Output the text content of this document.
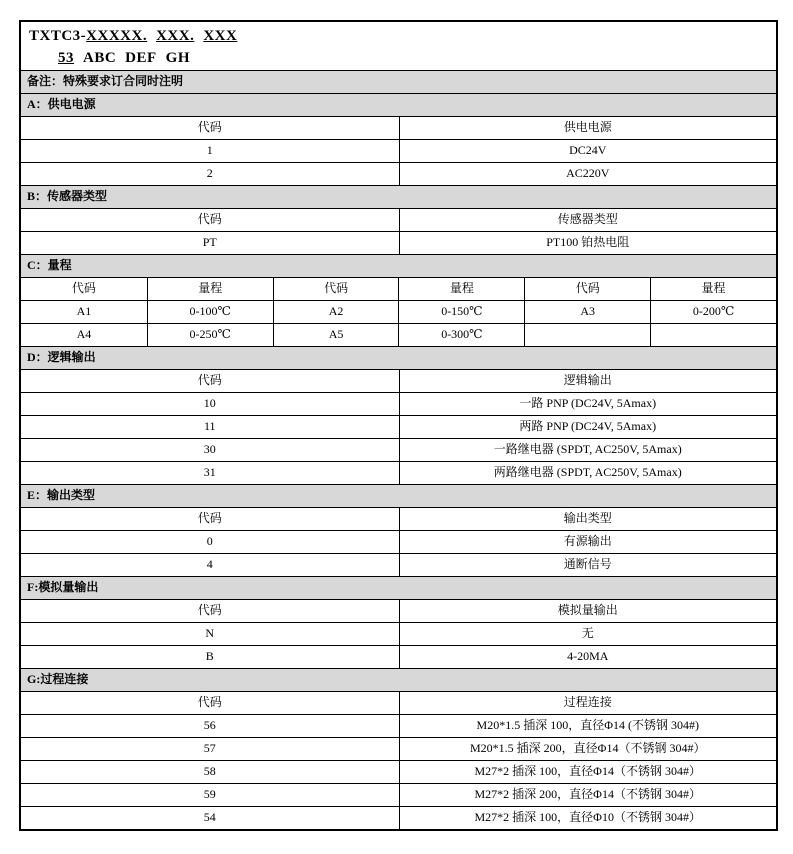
TXTC3-XXXXX. XXX. XXX
53 ABC DEF GH
备注：特殊要求订合同时注明
A：供电电源
代码	供电电源
1	DC24V
2	AC220V
B：传感器类型
代码	传感器类型
PT	PT100 铂热电阻
C：量程
代码	量程	代码	量程	代码	量程
A1	0-100℃	A2	0-150℃	A3	0-200℃
A4	0-250℃	A5	0-300℃
D：逻辑输出
代码	逻辑输出
10	一路 PNP (DC24V, 5Amax)
11	两路 PNP (DC24V, 5Amax)
30	一路继电器 (SPDT, AC250V, 5Amax)
31	两路继电器 (SPDT, AC250V, 5Amax)
E：输出类型
代码	输出类型
0	有源输出
4	通断信号
F:模拟量输出
代码	模拟量输出
N	无
B	4-20MA
G:过程连接
代码	过程连接
56	M20*1.5 插深 100，直径Φ14 (不锈钢 304#)
57	M20*1.5 插深 200，直径Φ14（不锈钢 304#）
58	M27*2 插深 100，直径Φ14（不锈钢 304#）
59	M27*2 插深 200，直径Φ14（不锈钢 304#）
54	M27*2 插深 100，直径Φ10（不锈钢 304#）
